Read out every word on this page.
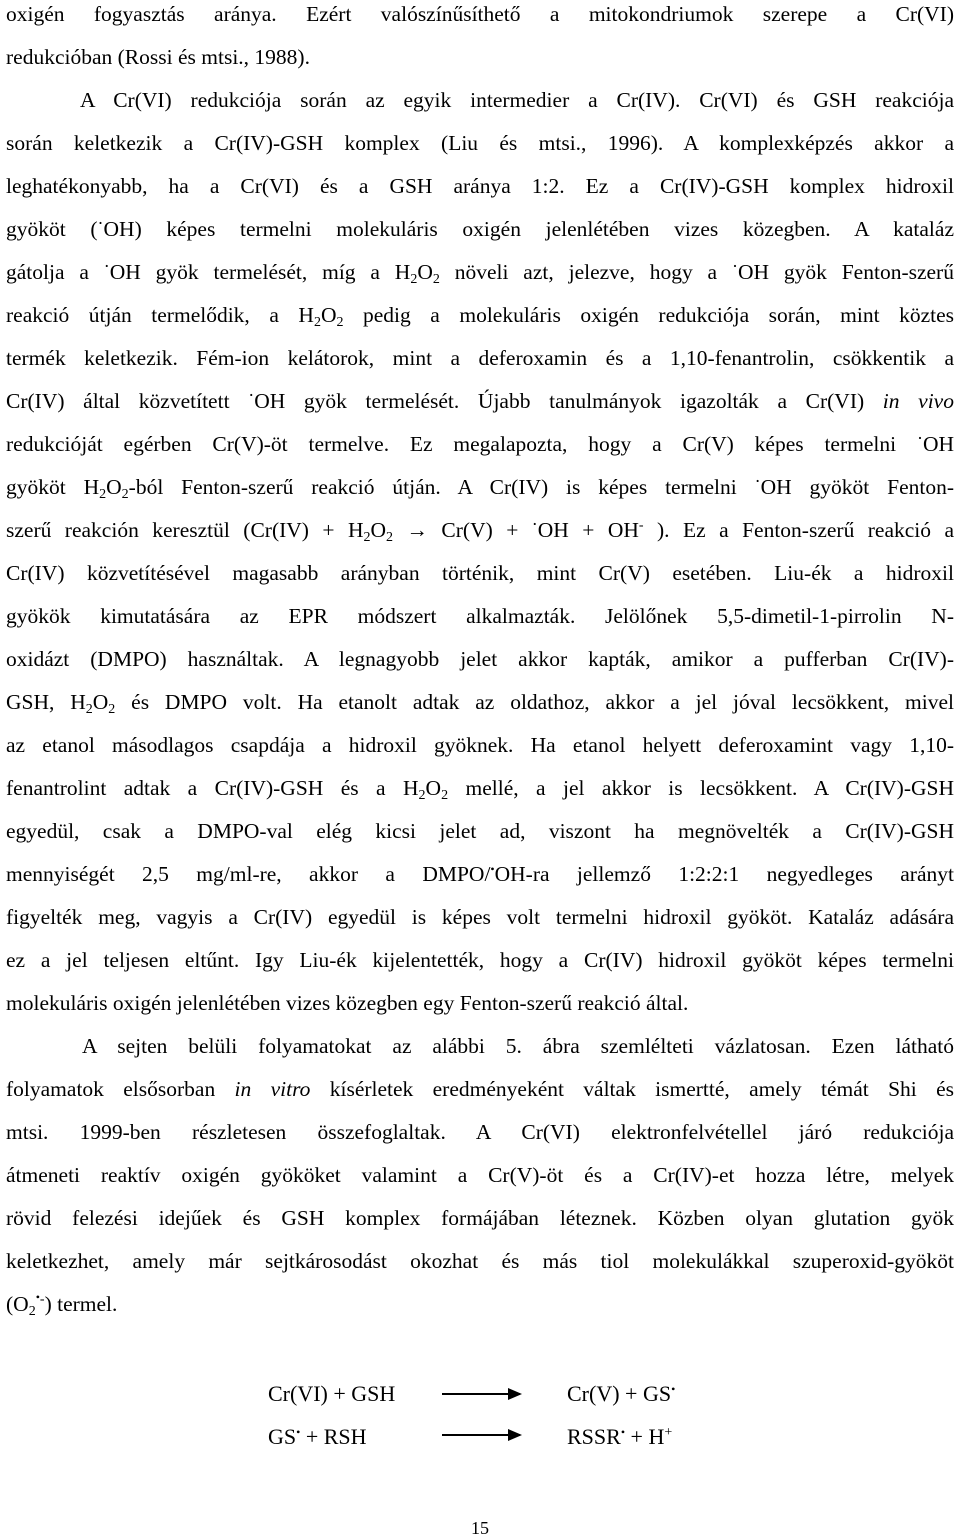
oxigén fogyasztás aránya. Ezért valószínűsíthető a mitokondriumok szerepe a Cr(VI)
redukcióban (Rossi és mtsi., 1988).
A Cr(VI) redukciója során az egyik intermedier a Cr(IV). Cr(VI) és GSH reakciója
során keletkezik a Cr(IV)-GSH komplex (Liu és mtsi., 1996). A komplexképzés akkor a
leghatékonyabb, ha a Cr(VI) és a GSH aránya 1:2. Ez a Cr(IV)-GSH komplex hidroxil
gyököt (·OH) képes termelni molekuláris oxigén jelenlétében vizes közegben. A kataláz
gátolja a ·OH gyök termelését, míg a $H_2O_2$ növeli azt, jelezve, hogy a ·OH gyök Fenton-szerű
reakció útján termelődik, a $H_2O_2$ pedig a molekuláris oxigén redukciója során, mint köztes
termék keletkezik. Fém-ion kelátorok, mint a deferoxamin és a 1,10-fenantrolin, csökkentik a
Cr(IV) által közvetített ·OH gyök termelését. Újabb tanulmányok igazolták a Cr(VI) in vivo
redukcióját egérben Cr(V)-öt termelve. Ez megalapozta, hogy a Cr(V) képes termelni ·OH
gyököt $H_2O_2$-ból Fenton-szerű reakció útján. A Cr(IV) is képes termelni ·OH gyököt Fenton-
szerű reakción keresztül ($Cr(IV) + H_2O_2 \to Cr(V) + ^\cdot OH + OH^-$ ). Ez a Fenton-szerű reakció a
Cr(IV) közvetítésével magasabb arányban történik, mint Cr(V) esetében. Liu-ék a hidroxil
gyökök kimutatására az EPR módszert alkalmazták. Jelölőnek 5,5-dimetil-1-pirrolin N-
oxidázt (DMPO) használtak. A legnagyobb jelet akkor kapták, amikor a pufferban Cr(IV)-
GSH, $H_2O_2$ és DMPO volt. Ha etanolt adtak az oldathoz, akkor a jel jóval lecsökkent, mivel
az etanol másodlagos csapdája a hidroxil gyöknek. Ha etanol helyett deferoxamint vagy 1,10-
fenantrolint adtak a Cr(IV)-GSH és a $H_2O_2$ mellé, a jel akkor is lecsökkent. A Cr(IV)-GSH
egyedül, csak a DMPO-val elég kicsi jelet ad, viszont ha megnövelték a Cr(IV)-GSH
mennyiségét 2,5 mg/ml-re, akkor a DMPO/•OH-ra jellemző 1:2:2:1 negyedleges arányt
figyelték meg, vagyis a Cr(IV) egyedül is képes volt termelni hidroxil gyököt. Kataláz adására
ez a jel teljesen eltűnt. Igy Liu-ék kijelentették, hogy a Cr(IV) hidroxil gyököt képes termelni
molekuláris oxigén jelenlétében vizes közegben egy Fenton-szerű reakció által.
A sejten belüli folyamatokat az alábbi 5. ábra szemlélteti vázlatosan. Ezen látható
folyamatok elsősorban in vitro kísérletek eredményeként váltak ismertté, amely témát Shi és
mtsi. 1999-ben részletesen összefoglaltak. A Cr(VI) elektronfelvétellel járó redukciója
átmeneti reaktív oxigén gyököket valamint a Cr(V)-öt és a Cr(IV)-et hozza létre, melyek
rövid felezési idejűek és GSH komplex formájában léteznek. Közben olyan glutation gyök
keletkezhet, amely már sejtkárosodást okozhat és más tiol molekulákkal szuperoxid-gyököt
$(O_2^{•-})$ termel.
Cr(VI) + GSH	Cr(V) + GS•
GS• + RSH	RSSR• + H+
15
